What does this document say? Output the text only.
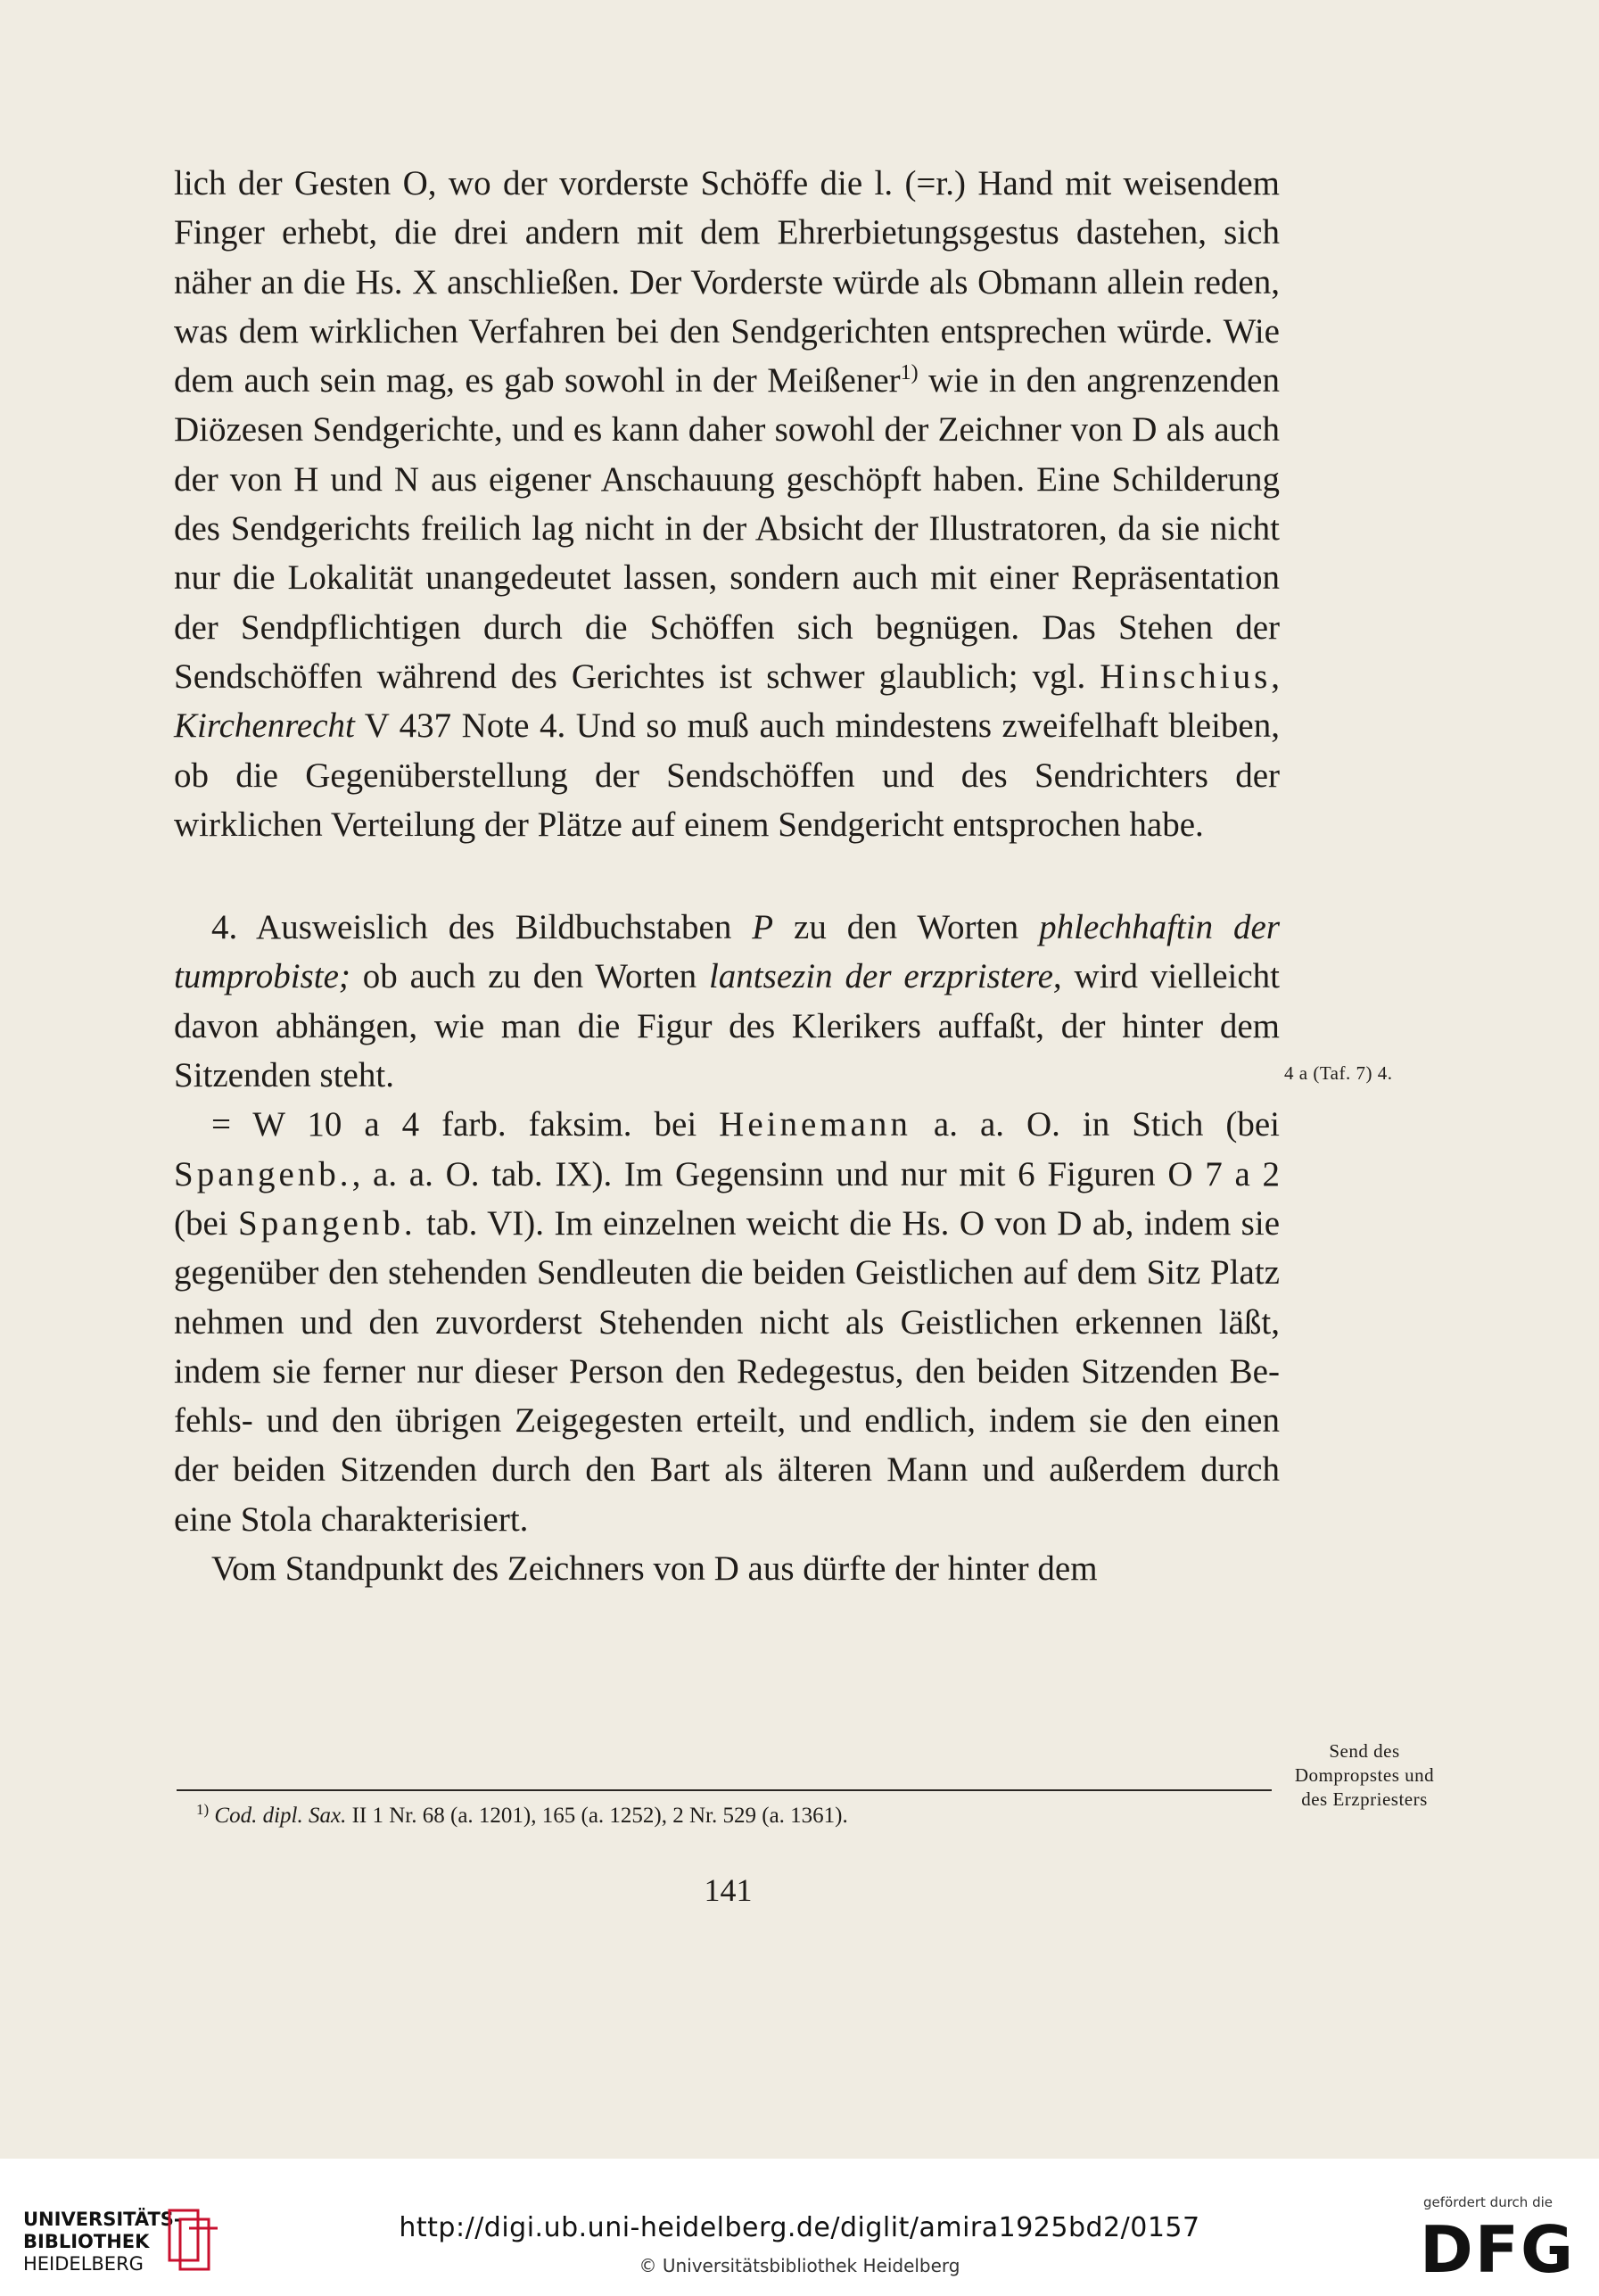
lich der Gesten O, wo der vorderste Schöffe die l. (=r.) Hand mit weisendem Finger erhebt, die drei andern mit dem Ehrerbietungsgestus dastehen, sich näher an die Hs. X anschließen. Der Vorderste würde als Obmann allein reden, was dem wirklichen Verfahren bei den Sendgerichten entsprechen würde. Wie dem auch sein mag, es gab sowohl in der Meißener$^{1)}$ wie in den angrenzenden Diözesen Sendgerichte, und es kann daher sowohl der Zeichner von D als auch der von H und N aus eigener Anschauung geschöpft haben. Eine Schilderung des Sendgerichts freilich lag nicht in der Absicht der Illustratoren, da sie nicht nur die Lokalität unangedeutet lassen, sondern auch mit einer Repräsentation der Sendpflichtigen durch die Schöffen sich begnügen. Das Stehen der Sendschöffen während des Gerichtes ist schwer glaublich; vgl. Hinschius, Kirchenrecht V 437 Note 4. Und so muß auch mindestens zweifelhaft bleiben, ob die Gegenüberstellung der Sendschöffen und des Sendrichters der wirklichen Verteilung der Plätze auf einem Sendgericht entsprochen habe.

4. Ausweislich des Bildbuchstaben P zu den Worten phlechhaftin der tumprobiste; ob auch zu den Worten lantsezin der erzpristere, wird vielleicht davon abhängen, wie man die Figur des Klerikers auffaßt, der hinter dem Sitzenden steht.

= W 10 a 4 farb. faksim. bei Heinemann a. a. O. in Stich (bei Spangenb., a. a. O. tab. IX). Im Gegensinn und nur mit 6 Figuren O 7 a 2 (bei Spangenb. tab. VI). Im einzelnen weicht die Hs. O von D ab, indem sie gegenüber den stehenden Sendleuten die beiden Geistlichen auf dem Sitz Platz nehmen und den zuvorderst Stehenden nicht als Geistlichen erkennen läßt, indem sie ferner nur dieser Person den Redegestus, den beiden Sitzenden Befehls- und den übrigen Zeigegesten erteilt, und endlich, indem sie den einen der beiden Sitzenden durch den Bart als älteren Mann und außerdem durch eine Stola charakterisiert.

Vom Standpunkt des Zeichners von D aus dürfte der hinter dem

4 a (Taf. 7) 4.
Send des Dompropstes und des Erzpriesters
$^{1)}$ Cod. dipl. Sax. II 1 Nr. 68 (a. 1201), 165 (a. 1252), 2 Nr. 529 (a. 1361).
141
UNIVERSITÄTS-
BIBLIOTHEK
HEIDELBERG
http://digi.ub.uni-heidelberg.de/diglit/amira1925bd2/0157
© Universitätsbibliothek Heidelberg
gefördert durch die
DFG
